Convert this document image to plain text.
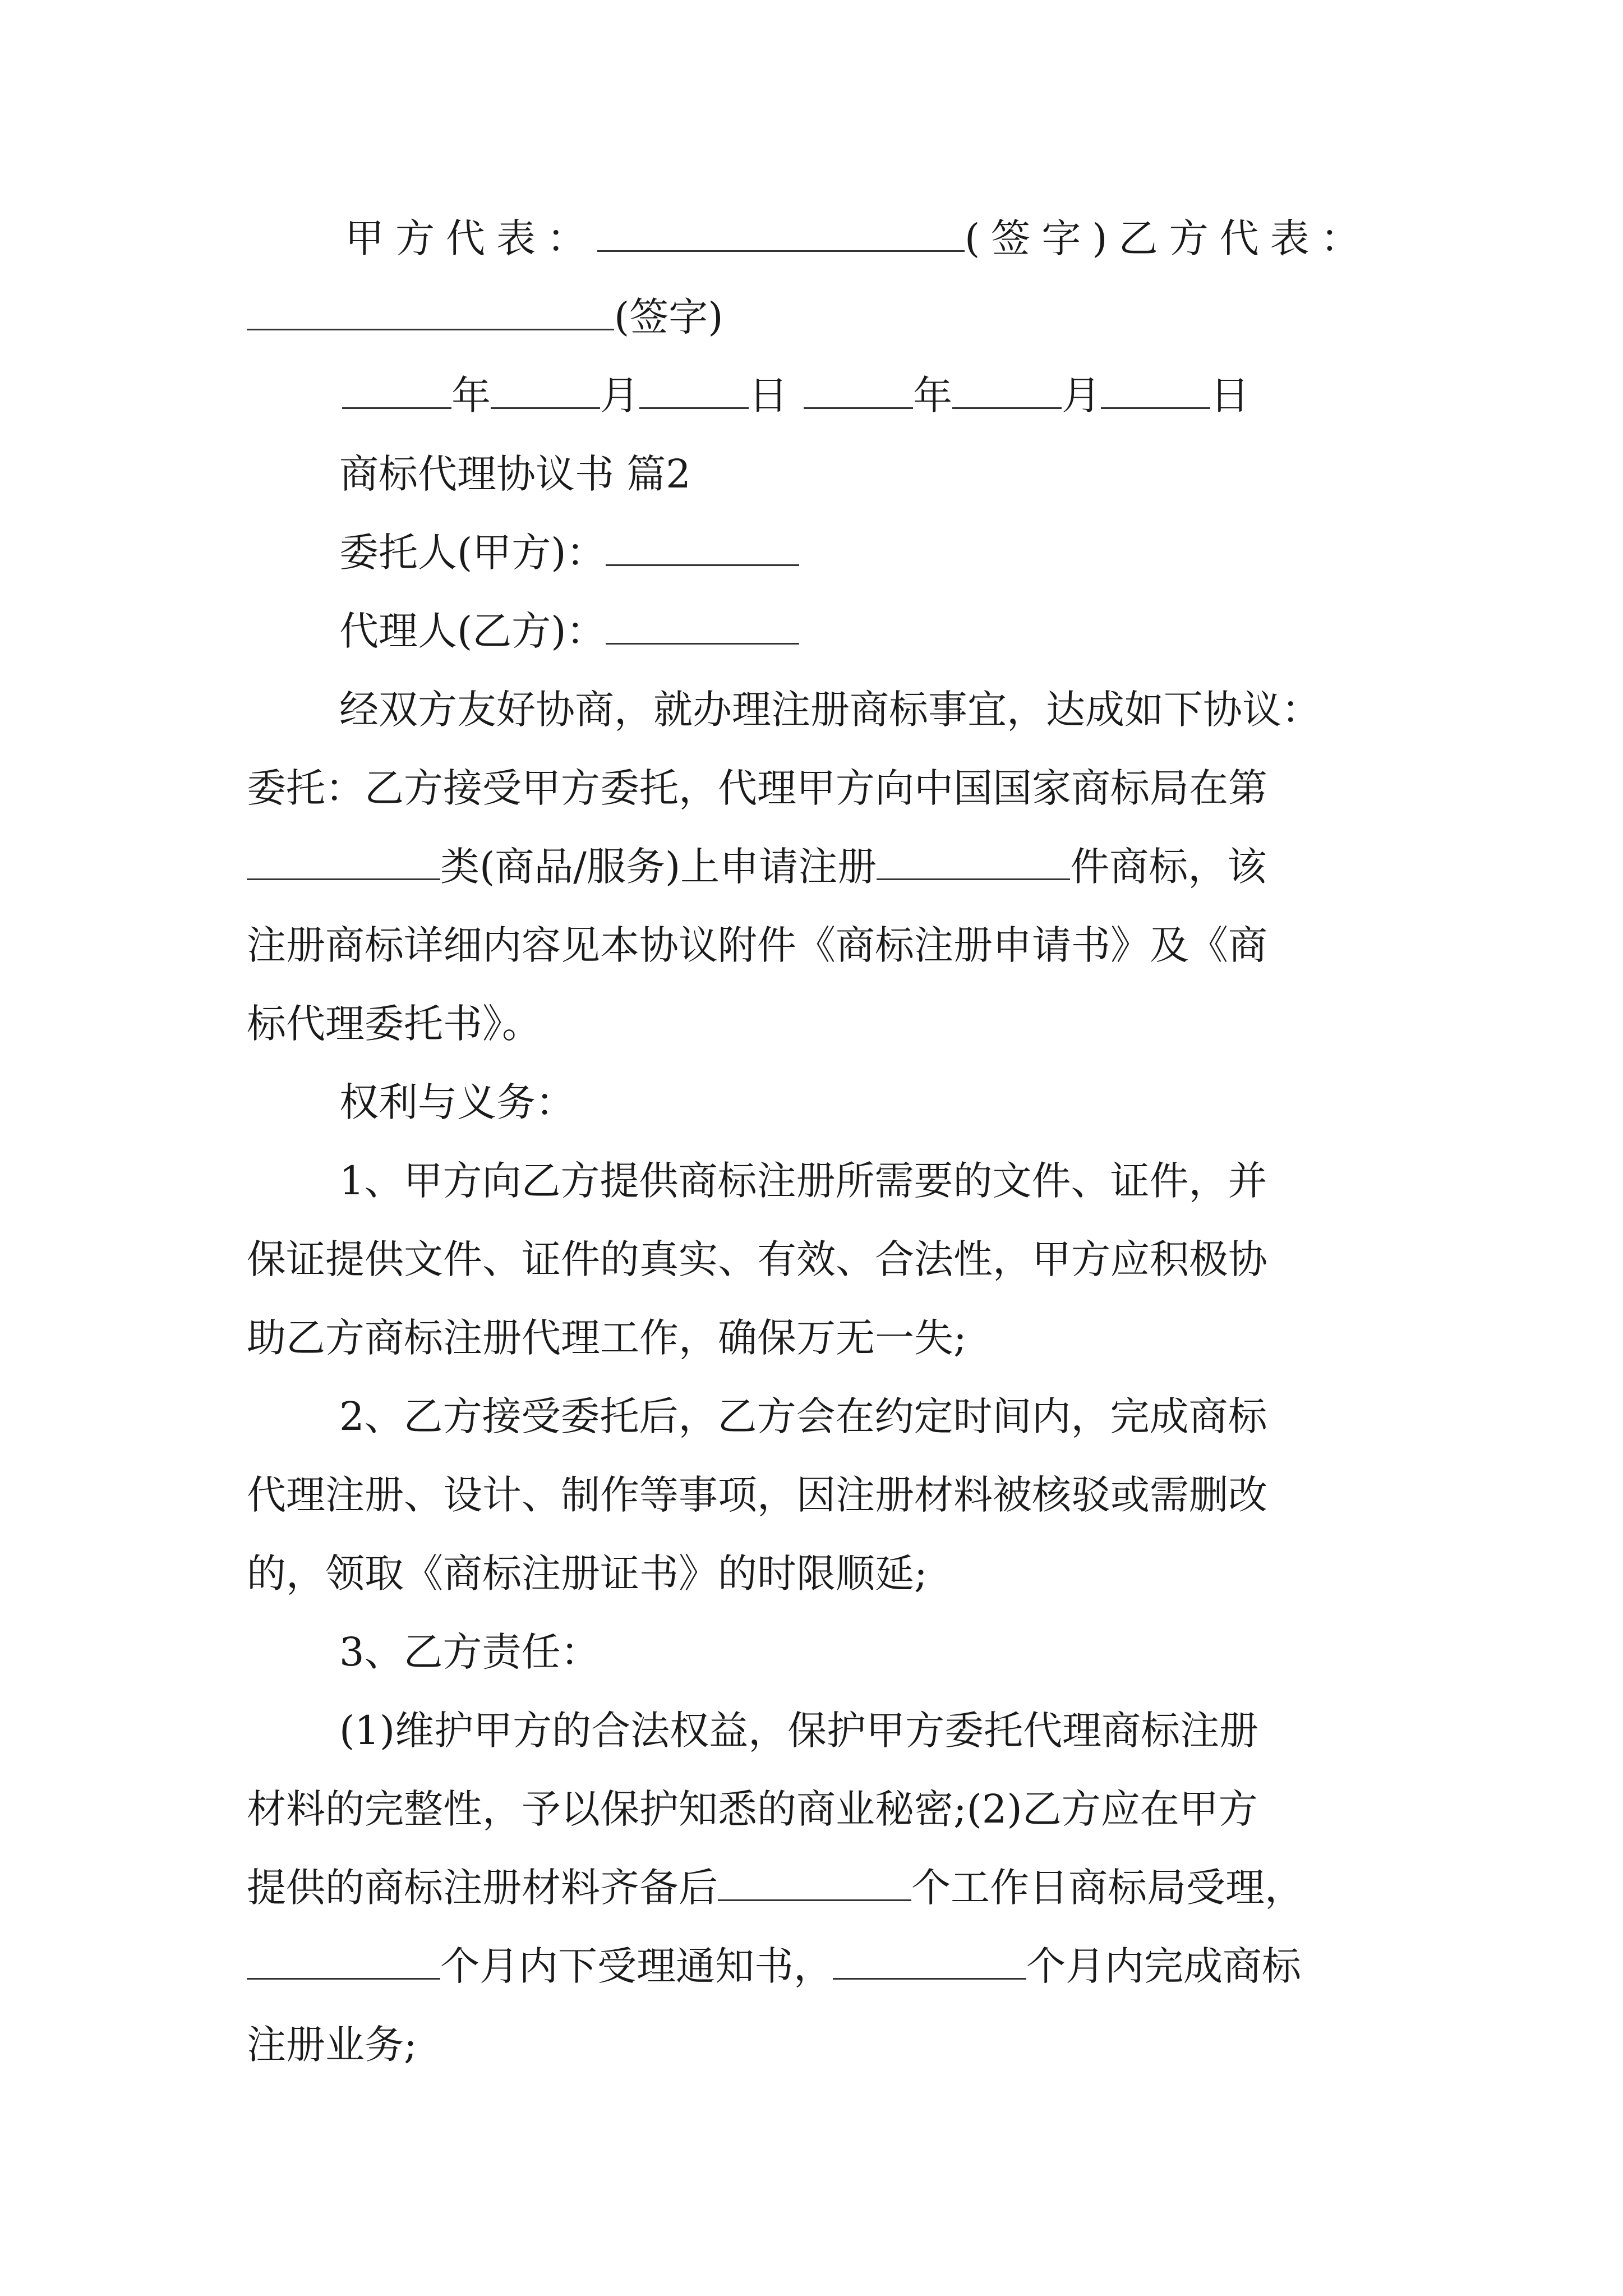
甲方代表：	(签字)乙方代表：
(签字)
年	月	日	年	月	日
商标代理协议书 篇2
委托人(甲方)：
代理人(乙方)：
经双方友好协商，就办理注册商标事宜，达成如下协议：
委托：乙方接受甲方委托，代理甲方向中国国家商标局在第
类(商品/服务)上申请注册	件商标，该
注册商标详细内容见本协议附件《商标注册申请书》及《商
标代理委托书》。
权利与义务：
1、甲方向乙方提供商标注册所需要的文件、证件，并
保证提供文件、证件的真实、有效、合法性，甲方应积极协
助乙方商标注册代理工作，确保万无一失;
2、乙方接受委托后，乙方会在约定时间内，完成商标
代理注册、设计、制作等事项，因注册材料被核驳或需删改
的，领取《商标注册证书》的时限顺延;
3、乙方责任：
(1)维护甲方的合法权益，保护甲方委托代理商标注册
材料的完整性，予以保护知悉的商业秘密;(2)乙方应在甲方
提供的商标注册材料齐备后	个工作日商标局受理，
个月内下受理通知书，	个月内完成商标
注册业务;
